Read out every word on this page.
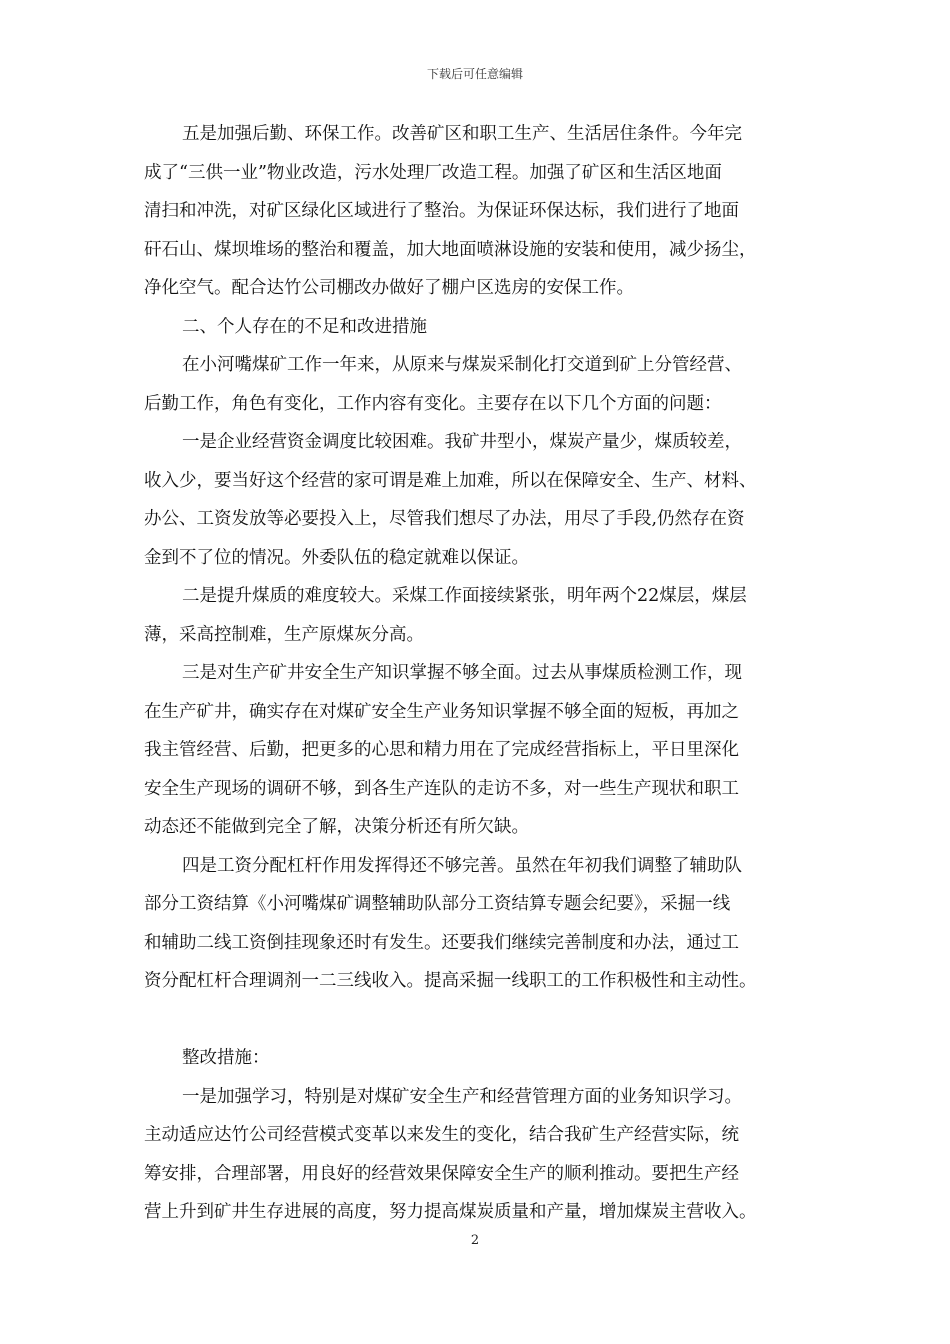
下载后可任意编辑
五是加强后勤、环保工作。改善矿区和职工生产、生活居住条件。今年完
成了“三供一业”物业改造，污水处理厂改造工程。加强了矿区和生活区地面
清扫和冲洗，对矿区绿化区域进行了整治。为保证环保达标，我们进行了地面
矸石山、煤坝堆场的整治和覆盖，加大地面喷淋设施的安装和使用，减少扬尘，
净化空气。配合达竹公司棚改办做好了棚户区选房的安保工作。
二、个人存在的不足和改进措施
在小河嘴煤矿工作一年来，从原来与煤炭采制化打交道到矿上分管经营、
后勤工作，角色有变化，工作内容有变化。主要存在以下几个方面的问题：
一是企业经营资金调度比较困难。我矿井型小，煤炭产量少，煤质较差，
收入少，要当好这个经营的家可谓是难上加难，所以在保障安全、生产、材料、
办公、工资发放等必要投入上，尽管我们想尽了办法，用尽了手段,仍然存在资
金到不了位的情况。外委队伍的稳定就难以保证。
二是提升煤质的难度较大。采煤工作面接续紧张，明年两个22煤层，煤层
薄，采高控制难，生产原煤灰分高。
三是对生产矿井安全生产知识掌握不够全面。过去从事煤质检测工作，现
在生产矿井，确实存在对煤矿安全生产业务知识掌握不够全面的短板，再加之
我主管经营、后勤，把更多的心思和精力用在了完成经营指标上，平日里深化
安全生产现场的调研不够，到各生产连队的走访不多，对一些生产现状和职工
动态还不能做到完全了解，决策分析还有所欠缺。
四是工资分配杠杆作用发挥得还不够完善。虽然在年初我们调整了辅助队
部分工资结算《小河嘴煤矿调整辅助队部分工资结算专题会纪要》，采掘一线
和辅助二线工资倒挂现象还时有发生。还要我们继续完善制度和办法，通过工
资分配杠杆合理调剂一二三线收入。提高采掘一线职工的工作积极性和主动性。
整改措施：
一是加强学习，特别是对煤矿安全生产和经营管理方面的业务知识学习。
主动适应达竹公司经营模式变革以来发生的变化，结合我矿生产经营实际，统
筹安排，合理部署，用良好的经营效果保障安全生产的顺利推动。要把生产经
营上升到矿井生存进展的高度，努力提高煤炭质量和产量，增加煤炭主营收入。
2
